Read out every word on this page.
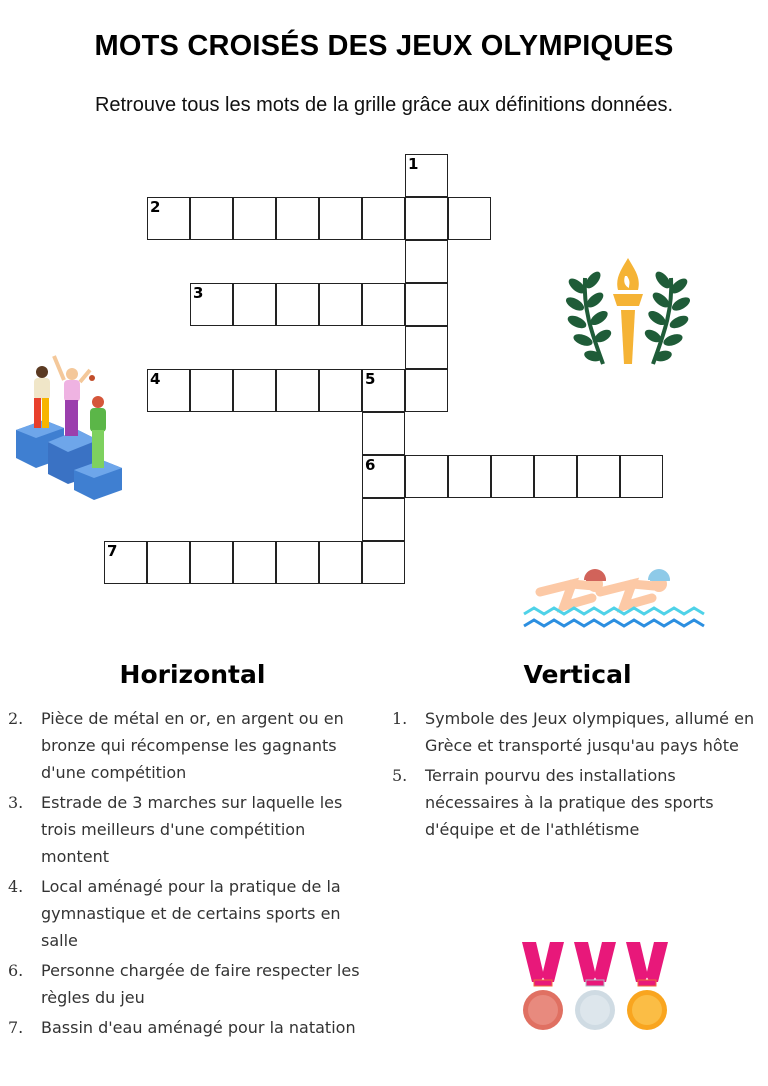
MOTS CROISÉS DES JEUX OLYMPIQUES
Retrouve tous les mots de la grille grâce aux définitions données.
1
2
3
4	5
6
7
Horizontal
2. Pièce de métal en or, en argent ou en bronze qui récompense les gagnants d'une compétition
3. Estrade de 3 marches sur laquelle les trois meilleurs d'une compétition montent
4. Local aménagé pour la pratique de la gymnastique et de certains sports en salle
6. Personne chargée de faire respecter les règles du jeu
7. Bassin d'eau aménagé pour la natation
Vertical
1. Symbole des Jeux olympiques, allumé en Grèce et transporté jusqu'au pays hôte
5. Terrain pourvu des installations nécessaires à la pratique des sports d'équipe et de l'athlétisme
